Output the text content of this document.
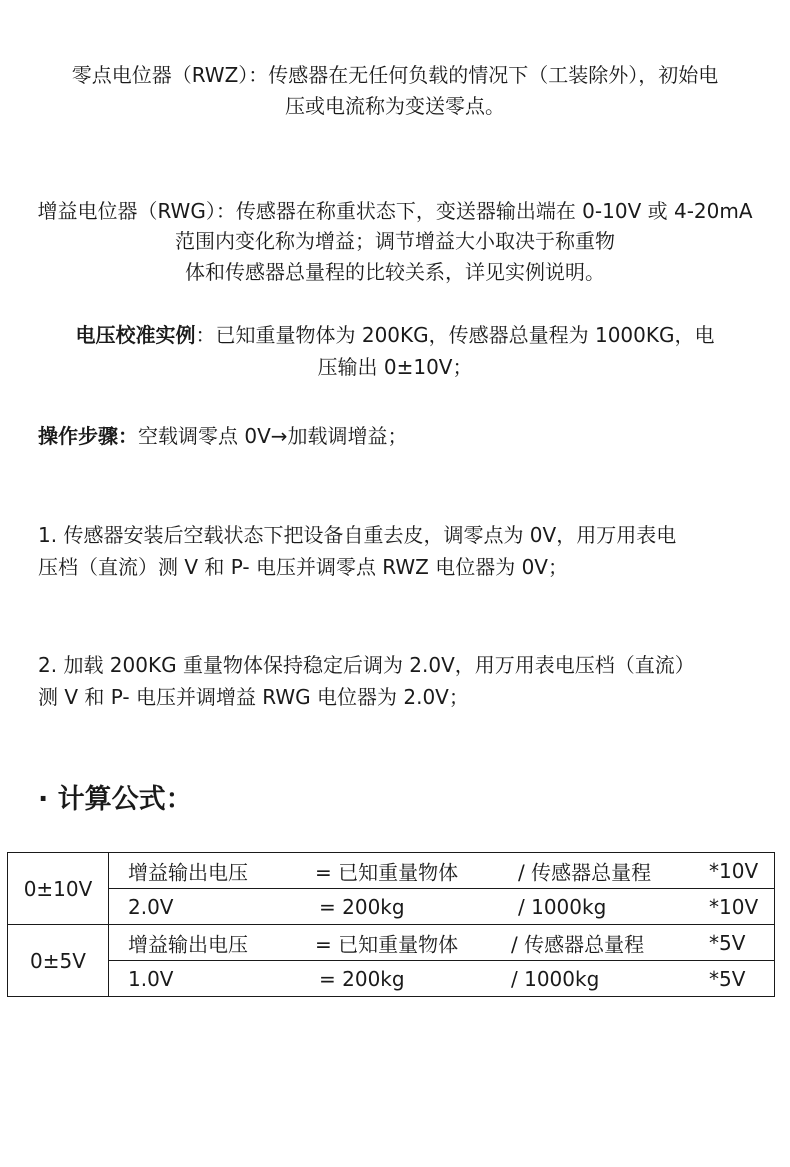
零点电位器（RWZ）：传感器在无任何负载的情况下（工装除外），初始电

压或电流称为变送零点。

增益电位器（RWG）：传感器在称重状态下，变送器输出端在 0-10V 或 4-20mA

范围内变化称为增益；调节增益大小取决于称重物

体和传感器总量程的比较关系，详见实例说明。

电压校准实例：已知重量物体为 200KG，传感器总量程为 1000KG，电

压输出 0±10V；

操作步骤：空载调零点 0V→加载调增益；

1. 传感器安装后空载状态下把设备自重去皮，调零点为 0V，用万用表电

压档（直流）测 V 和 P- 电压并调零点 RWZ 电位器为 0V；

2. 加载 200KG 重量物体保持稳定后调为 2.0V，用万用表电压档（直流）

测 V 和 P- 电压并调增益 RWG 电位器为 2.0V；

· 计算公式：
0±10V	增益输出电压 = 已知重量物体 / 传感器总量程 *10V

	2.0V = 200kg / 1000kg *10V

0±5V	增益输出电压 = 已知重量物体 / 传感器总量程 *5V

	1.0V = 200kg / 1000kg *5V
